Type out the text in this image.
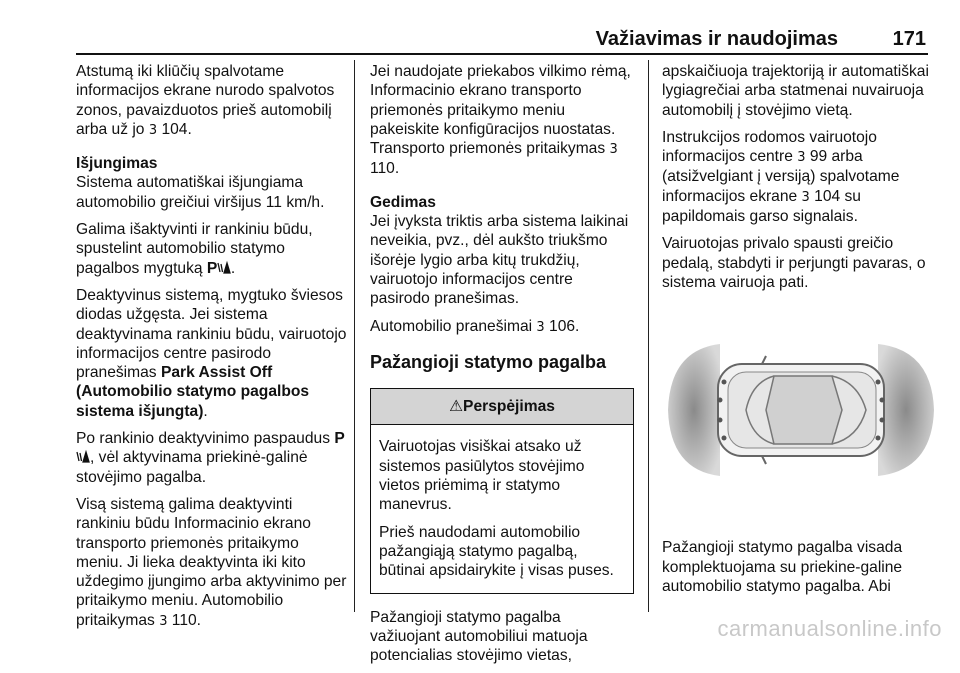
Važiavimas ir naudojimas	171

Atstumą iki kliūčių spalvotame informacijos ekrane nurodo spalvotos zonos, pavaizduotos prieš automobilį arba už jo 3 104.

Išjungimas

Sistema automatiškai išjungiama automobilio greičiui viršijus 11 km/h.

Galima išaktyvinti ir rankiniu būdu, spustelint automobilio statymo pagalbos mygtuką P .

Deaktyvinus sistemą, mygtuko šviesos diodas užgęsta. Jei sistema deaktyvinama rankiniu būdu, vairuotojo informacijos centre pasirodo pranešimas Park Assist Off (Automobilio statymo pagalbos sistema išjungta).

Po rankinio deaktyvinimo paspaudus P, vėl aktyvinama priekinė-galinė stovėjimo pagalba.

Visą sistemą galima deaktyvinti rankiniu būdu Informacinio ekrano transporto priemonės pritaikymo meniu. Ji lieka deaktyvinta iki kito uždegimo įjungimo arba aktyvinimo per pritaikymo meniu. Automobilio pritaikymas 3 110.

Jei naudojate priekabos vilkimo rėmą, Informacinio ekrano transporto priemonės pritaikymo meniu pakeiskite konfigūracijos nuostatas. Transporto priemonės pritaikymas 3 110.

Gedimas

Jei įvyksta triktis arba sistema laikinai neveikia, pvz., dėl aukšto triukšmo išorėje lygio arba kitų trukdžių, vairuotojo informacijos centre pasirodo pranešimas.

Automobilio pranešimai 3 106.

Pažangioji statymo pagalba
⚠Perspėjimas

Vairuotojas visiškai atsako už sistemos pasiūlytos stovėjimo vietos priėmimą ir statymo manevrus.

Prieš naudodami automobilio pažangiąją statymo pagalbą, būtinai apsidairykite į visas puses.

Pažangioji statymo pagalba važiuojant automobiliui matuoja potencialias stovėjimo vietas,

apskaičiuoja trajektoriją ir automatiškai lygiagrečiai arba statmenai nuvairuoja automobilį į stovėjimo vietą.

Instrukcijos rodomos vairuotojo informacijos centre 3 99 arba (atsižvelgiant į versiją) spalvotame informacijos ekrane 3 104 su papildomais garso signalais.

Vairuotojas privalo spausti greičio pedalą, stabdyti ir perjungti pavaras, o sistema vairuoja pati.

Pažangioji statymo pagalba visada komplektuojama su priekine-galine automobilio statymo pagalba. Abi

carmanualsonline.info
